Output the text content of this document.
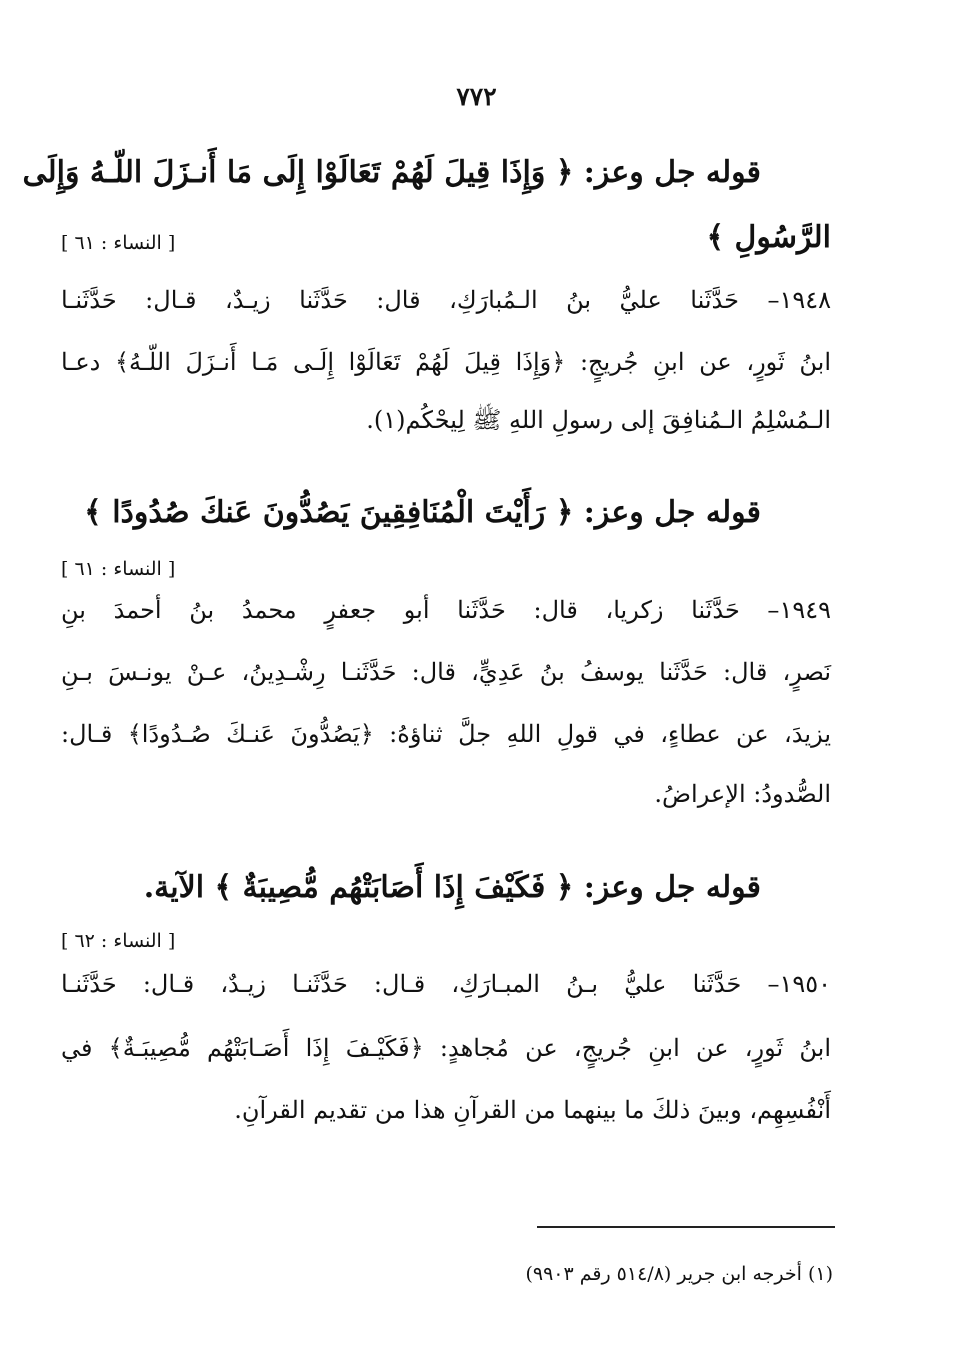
٧٧٢
قوله جل وعز: ﴿ وَإِذَا قِيلَ لَهُمْ تَعَالَوْا إِلَى مَا أَنـزَلَ اللّـهُ وَإِلَى
الرَّسُولِ ﴾
[ النساء : ٦١ ]
١٩٤٨– حَدَّثَنا عليُّ بنُ الـمُبارَكِ، قال: حَدَّثَنا زيـدٌ، قـال: حَدَّثَنـا
ابنُ ثَورٍ، عن ابنِ جُريجٍ: ﴿وَإِذَا قِيلَ لَهُمْ تَعَالَوْا إِلَـى مَـا أَنـزَلَ اللّـهُ﴾ دعـا
الـمُسْلِمُ الـمُنافِقَ إلى رسولِ اللهِ ﷺ لِيحْكُم(١).
قوله جل وعز: ﴿ رَأَيْتَ الْمُنَافِقِينَ يَصُدُّونَ عَنكَ صُدُودًا ﴾
[ النساء : ٦١ ]
١٩٤٩– حَدَّثَنا زكريا، قال: حَدَّثَنا أبو جعفرٍ محمدُ بنُ أحمدَ بنِ
نَصرٍ، قال: حَدَّثَنا يوسفُ بنُ عَدِيٍّ، قال: حَدَّثَنـا رِشْـدِينُ، عـنْ يونـسَ بـنِ
يزيدَ، عن عطاءٍ، في قولِ اللهِ جلَّ ثناؤهُ: ﴿يَصُدُّونَ عَنـكَ صُـدُودًا﴾ قـال:
الصُّدودُ: الإعراضُ.
قوله جل وعز: ﴿ فَكَيْفَ إِذَا أَصَابَتْهُم مُّصِيبَةٌ ﴾ الآية.
[ النساء : ٦٢ ]
١٩٥٠– حَدَّثَنا عليُّ بـنُ المبـارَكِ، قـال: حَدَّثَنـا زيـدٌ، قـال: حَدَّثَنـا
ابنُ ثَورٍ، عن ابنِ جُريجٍ، عن مُجاهدٍ: ﴿فَكَيْـفَ إِذَا أَصَـابَتْهُم مُّصِيبَـةٌ﴾ في
أَنْفُسِهِم، وبينَ ذلكَ ما بينهما من القرآنِ هذا من تقديم القرآنِ.
(١) أخرجه ابن جرير (٥١٤/٨ رقم ٩٩٠٣)
